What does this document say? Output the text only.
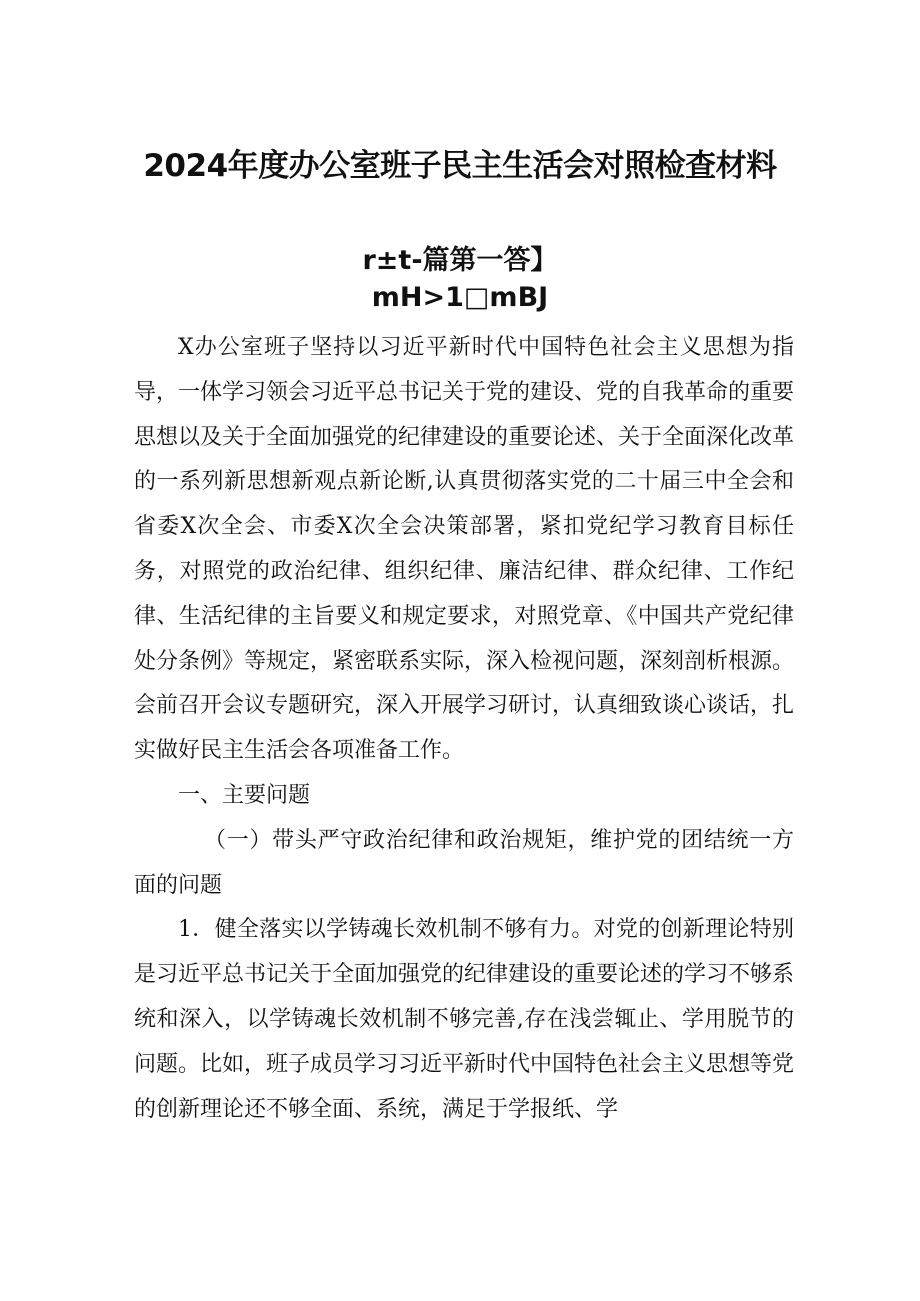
2024年度办公室班子民主生活会对照检查材料
r±t-篇第一答】
mH>1□mBJ

X办公室班子坚持以习近平新时代中国特色社会主义思想为指导，一体学习领会习近平总书记关于党的建设、党的自我革命的重要思想以及关于全面加强党的纪律建设的重要论述、关于全面深化改革的一系列新思想新观点新论断,认真贯彻落实党的二十届三中全会和省委X次全会、市委X次全会决策部署，紧扣党纪学习教育目标任务，对照党的政治纪律、组织纪律、廉洁纪律、群众纪律、工作纪律、生活纪律的主旨要义和规定要求，对照党章、《中国共产党纪律处分条例》等规定，紧密联系实际，深入检视问题，深刻剖析根源。会前召开会议专题研究，深入开展学习研讨，认真细致谈心谈话，扎实做好民主生活会各项准备工作。

一、主要问题

（一）带头严守政治纪律和政治规矩，维护党的团结统一方面的问题

1．健全落实以学铸魂长效机制不够有力。对党的创新理论特别是习近平总书记关于全面加强党的纪律建设的重要论述的学习不够系统和深入，以学铸魂长效机制不够完善,存在浅尝辄止、学用脱节的问题。比如，班子成员学习习近平新时代中国特色社会主义思想等党的创新理论还不够全面、系统，满足于学报纸、学
